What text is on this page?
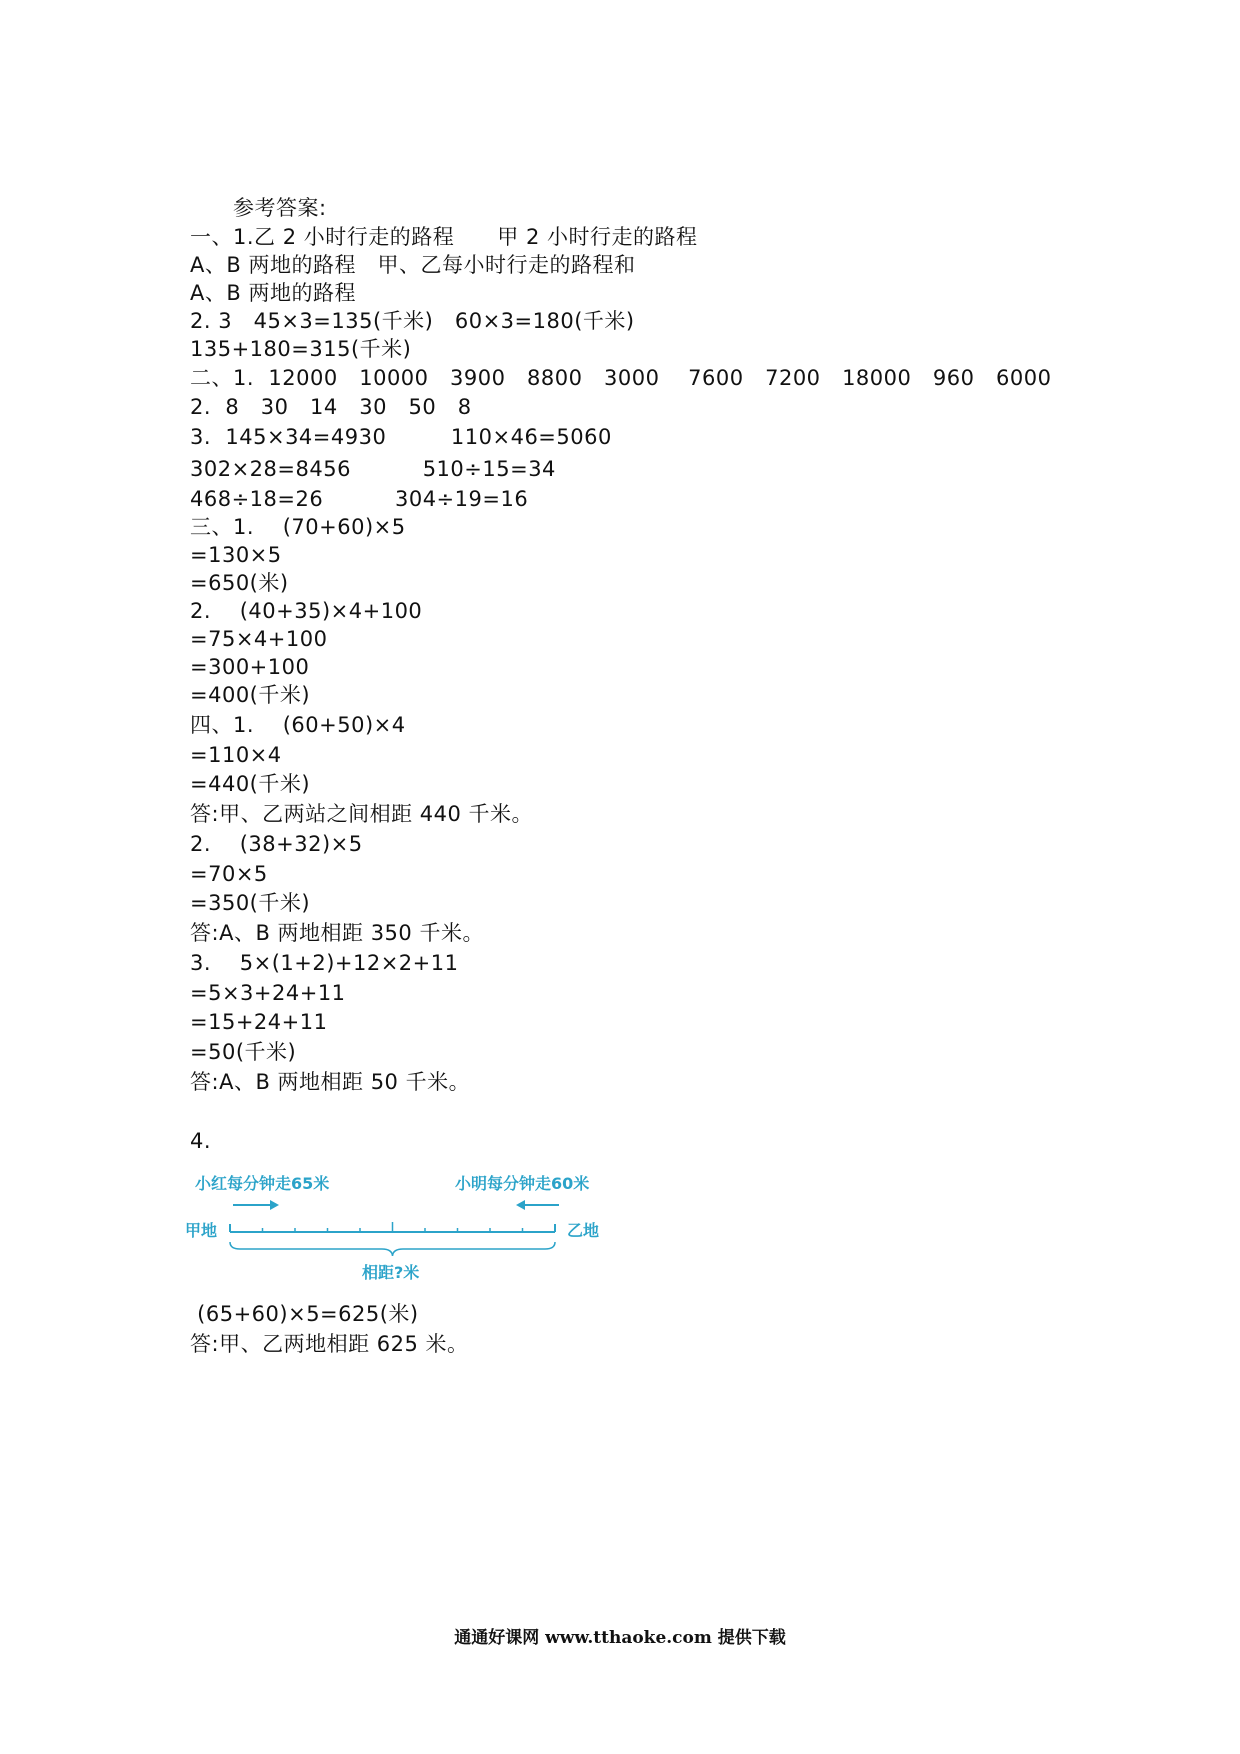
参考答案:
一、1.乙 2 小时行走的路程      甲 2 小时行走的路程
A、B 两地的路程   甲、乙每小时行走的路程和
A、B 两地的路程
2. 3   45×3=135(千米)   60×3=180(千米)
135+180=315(千米)
二、1.  12000   10000   3900   8800   3000    7600   7200   18000   960   6000
2.  8   30   14   30   50   8
3.  145×34=4930         110×46=5060
302×28=8456          510÷15=34
468÷18=26          304÷19=16
三、1.    (70+60)×5
=130×5
=650(米)
2.    (40+35)×4+100
=75×4+100
=300+100
=400(千米)
四、1.    (60+50)×4
=110×4
=440(千米)
答:甲、乙两站之间相距 440 千米。
2.    (38+32)×5
=70×5
=350(千米)
答:A、B 两地相距 350 千米。
3.    5×(1+2)+12×2+11
=5×3+24+11
=15+24+11
=50(千米)
答:A、B 两地相距 50 千米。
4.
小红每分钟走65米	小明每分钟走60米
甲地	乙地
相距?米
(65+60)×5=625(米)
答:甲、乙两地相距 625 米。
通通好课网 www.tthaoke.com 提供下载
